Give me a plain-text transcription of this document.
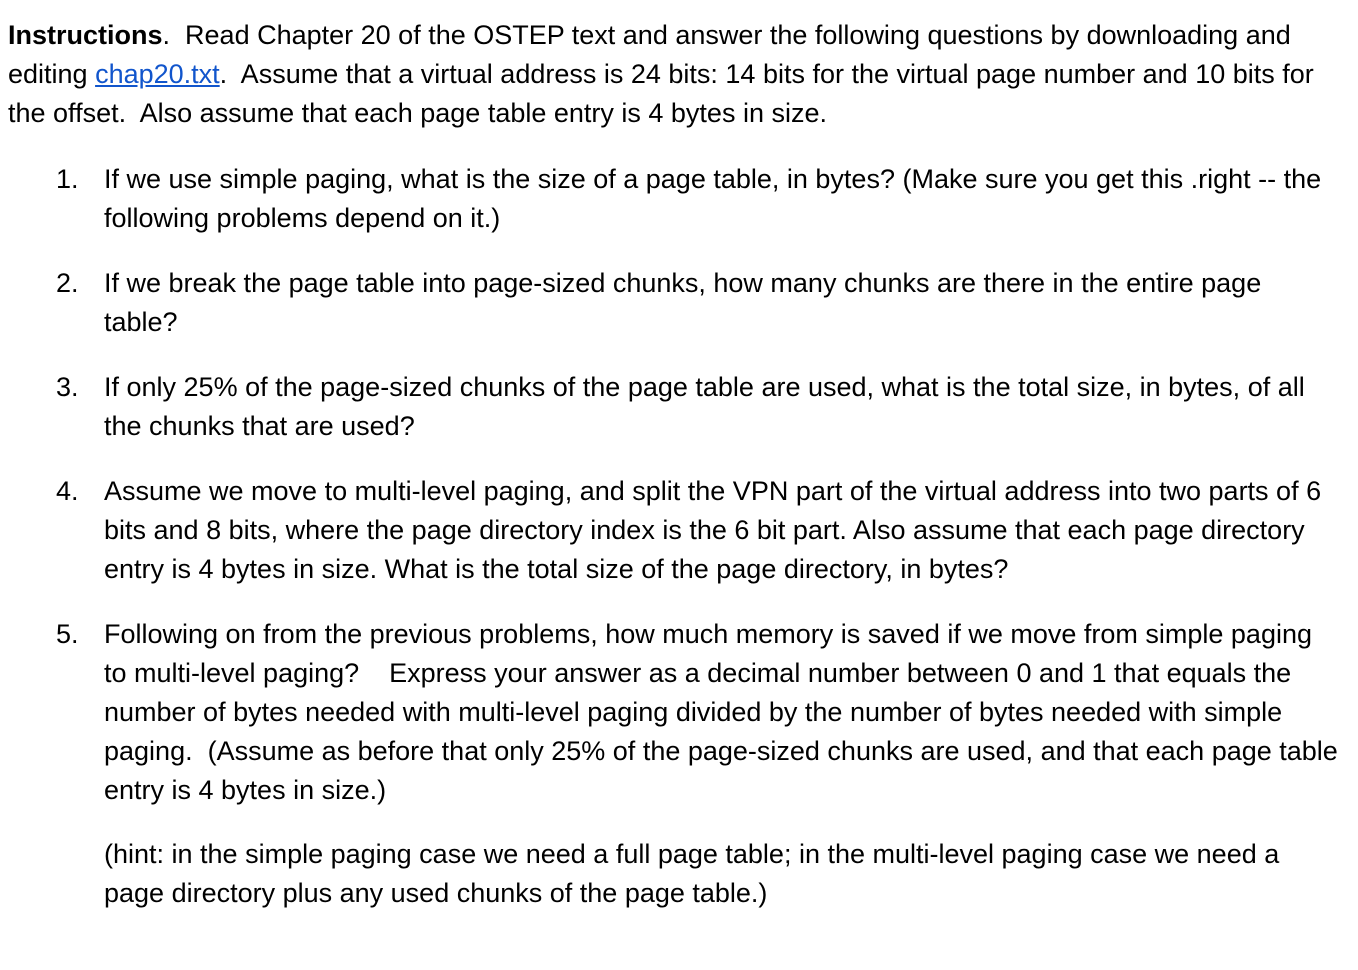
Instructions.  Read Chapter 20 of the OSTEP text and answer the following questions by downloading and editing chap20.txt.  Assume that a virtual address is 24 bits: 14 bits for the virtual page number and 10 bits for the offset.  Also assume that each page table entry is 4 bytes in size.

1. If we use simple paging, what is the size of a page table, in bytes? (Make sure you get this .right -- the following problems depend on it.)
2. If we break the page table into page-sized chunks, how many chunks are there in the entire page table?
3. If only 25% of the page-sized chunks of the page table are used, what is the total size, in bytes, of all the chunks that are used?
4. Assume we move to multi-level paging, and split the VPN part of the virtual address into two parts of 6 bits and 8 bits, where the page directory index is the 6 bit part. Also assume that each page directory entry is 4 bytes in size. What is the total size of the page directory, in bytes?
5. Following on from the previous problems, how much memory is saved if we move from simple paging to multi-level paging?    Express your answer as a decimal number between 0 and 1 that equals the number of bytes needed with multi-level paging divided by the number of bytes needed with simple paging.  (Assume as before that only 25% of the page-sized chunks are used, and that each page table entry is 4 bytes in size.)

(hint: in the simple paging case we need a full page table; in the multi-level paging case we need a page directory plus any used chunks of the page table.)
